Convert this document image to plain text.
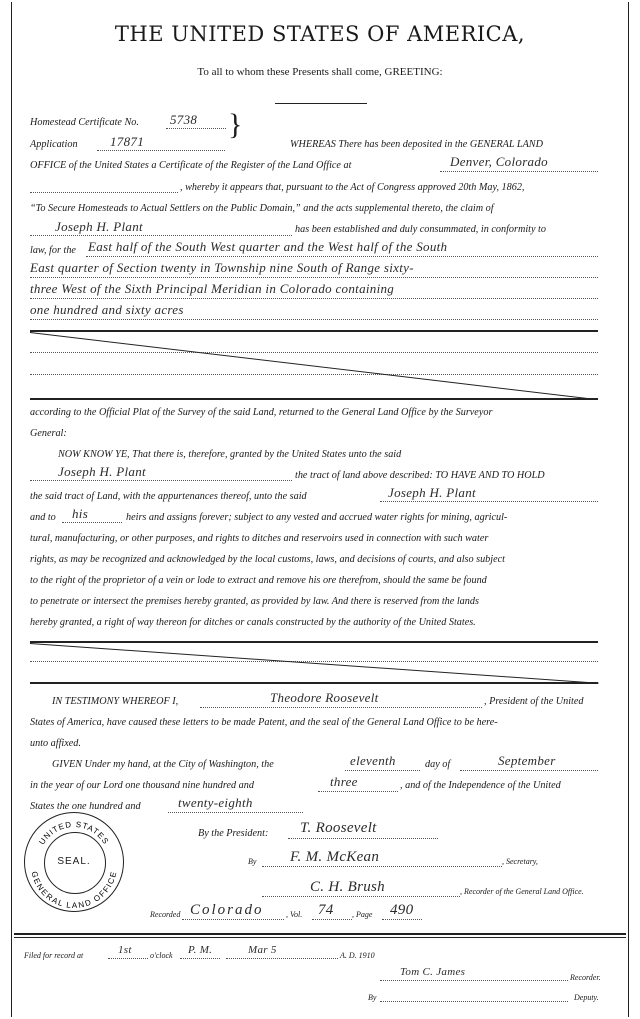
THE UNITED STATES OF AMERICA,
To all to whom these Presents shall come, GREETING:
Homestead Certificate No. 5738
Application 17871
}
WHEREAS There has been deposited in the GENERAL LAND
OFFICE of the United States a Certificate of the Register of the Land Office at	Denver, Colorado
, whereby it appears that, pursuant to the Act of Congress approved 20th May, 1862,
“To Secure Homesteads to Actual Settlers on the Public Domain,” and the acts supplemental thereto, the claim of
Joseph H. Plant	has been established and duly consummated, in conformity to
law, for the East half of the South West quarter and the West half of the South
East quarter of Section twenty in Township nine South of Range sixty-
three West of the Sixth Principal Meridian in Colorado containing
one hundred and sixty acres
according to the Official Plat of the Survey of the said Land, returned to the General Land Office by the Surveyor
General:
NOW KNOW YE, That there is, therefore, granted by the United States unto the said
Joseph H. Plant	the tract of land above described: TO HAVE AND TO HOLD
the said tract of Land, with the appurtenances thereof, unto the said	Joseph H. Plant
and to his	heirs and assigns forever; subject to any vested and accrued water rights for mining, agricul-
tural, manufacturing, or other purposes, and rights to ditches and reservoirs used in connection with such water
rights, as may be recognized and acknowledged by the local customs, laws, and decisions of courts, and also subject
to the right of the proprietor of a vein or lode to extract and remove his ore therefrom, should the same be found
to penetrate or intersect the premises hereby granted, as provided by law. And there is reserved from the lands
hereby granted, a right of way thereon for ditches or canals constructed by the authority of the United States.
IN TESTIMONY WHEREOF I,	Theodore Roosevelt	, President of the United
States of America, have caused these letters to be made Patent, and the seal of the General Land Office to be here-
unto affixed.
GIVEN Under my hand, at the City of Washington, the	eleventh	day of	September
in the year of our Lord one thousand nine hundred and	three	, and of the Independence of the United
States the one hundred and	twenty-eighth
UNITED STATES
GENERAL LAND OFFICE
SEAL.
By the President: T. Roosevelt
By F. M. McKean	, Secretary,
C. H. Brush	, Recorder of the General Land Office.
Recorded Colorado	, Vol. 74 , Page 490
Filed for record at	1st o'clock P. M.	Mar 5	A. D. 1910
Tom C. James	Recorder.
By	Deputy.
